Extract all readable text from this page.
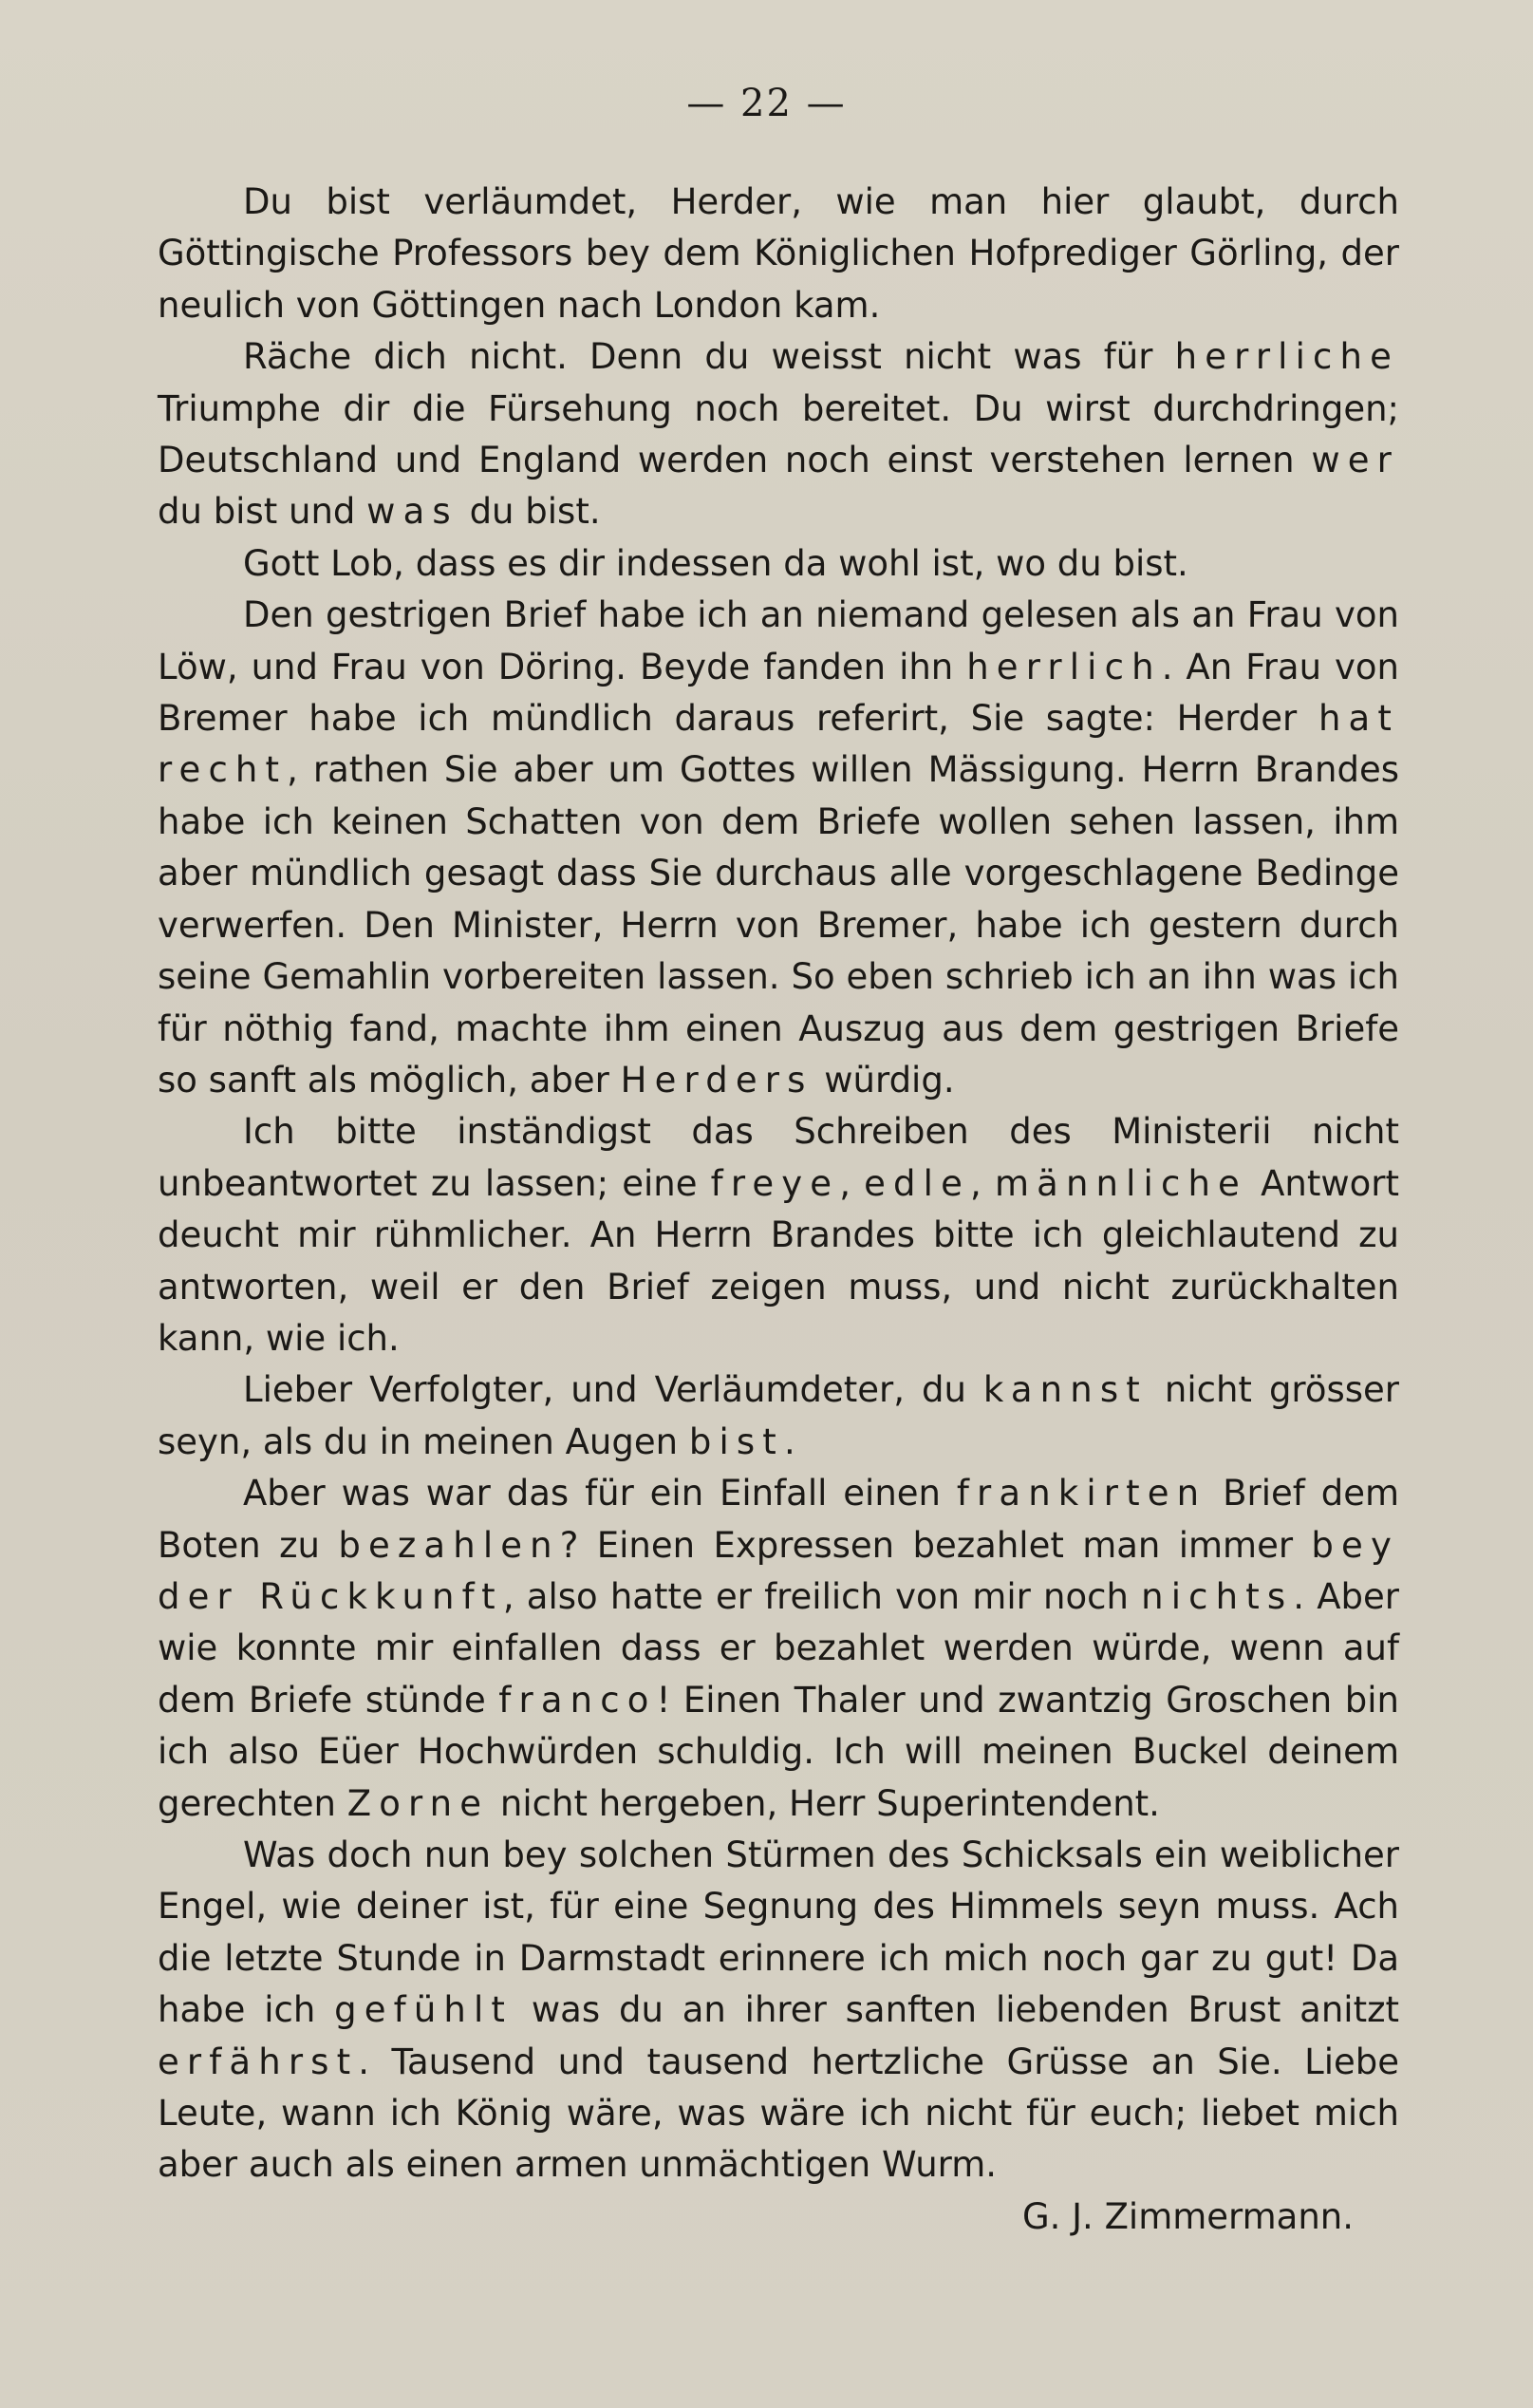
— 22 —

Du bist verläumdet, Herder, wie man hier glaubt, durch Göttingische Professors bey dem Königlichen Hofprediger Görling, der neulich von Göttingen nach London kam.

Räche dich nicht. Denn du weisst nicht was für herrliche Triumphe dir die Fürsehung noch bereitet. Du wirst durchdringen; Deutschland und England werden noch einst verstehen lernen wer du bist und was du bist.

Gott Lob, dass es dir indessen da wohl ist, wo du bist.

Den gestrigen Brief habe ich an niemand gelesen als an Frau von Löw, und Frau von Döring. Beyde fanden ihn herrlich. An Frau von Bremer habe ich mündlich daraus referirt, Sie sagte: Herder hat recht, rathen Sie aber um Gottes willen Mässigung. Herrn Brandes habe ich keinen Schatten von dem Briefe wollen sehen lassen, ihm aber mündlich gesagt dass Sie durchaus alle vorgeschlagene Bedinge verwerfen. Den Minister, Herrn von Bremer, habe ich gestern durch seine Gemahlin vorbereiten lassen. So eben schrieb ich an ihn was ich für nöthig fand, machte ihm einen Auszug aus dem gestrigen Briefe so sanft als möglich, aber Herders würdig.

Ich bitte inständigst das Schreiben des Ministerii nicht unbeantwortet zu lassen; eine freye, edle, männliche Antwort deucht mir rühmlicher. An Herrn Brandes bitte ich gleichlautend zu antworten, weil er den Brief zeigen muss, und nicht zurückhalten kann, wie ich.

Lieber Verfolgter, und Verläumdeter, du kannst nicht grösser seyn, als du in meinen Augen bist.

Aber was war das für ein Einfall einen frankirten Brief dem Boten zu bezahlen? Einen Expressen bezahlet man immer bey der Rückkunft, also hatte er freilich von mir noch nichts. Aber wie konnte mir einfallen dass er bezahlet werden würde, wenn auf dem Briefe stünde franco! Einen Thaler und zwantzig Groschen bin ich also Eüer Hochwürden schuldig. Ich will meinen Buckel deinem gerechten Zorne nicht hergeben, Herr Superintendent.

Was doch nun bey solchen Stürmen des Schicksals ein weiblicher Engel, wie deiner ist, für eine Segnung des Himmels seyn muss. Ach die letzte Stunde in Darmstadt erinnere ich mich noch gar zu gut! Da habe ich gefühlt was du an ihrer sanften liebenden Brust anitzt erfährst. Tausend und tausend hertzliche Grüsse an Sie. Liebe Leute, wann ich König wäre, was wäre ich nicht für euch; liebet mich aber auch als einen armen unmächtigen Wurm.

G. J. Zimmermann.
